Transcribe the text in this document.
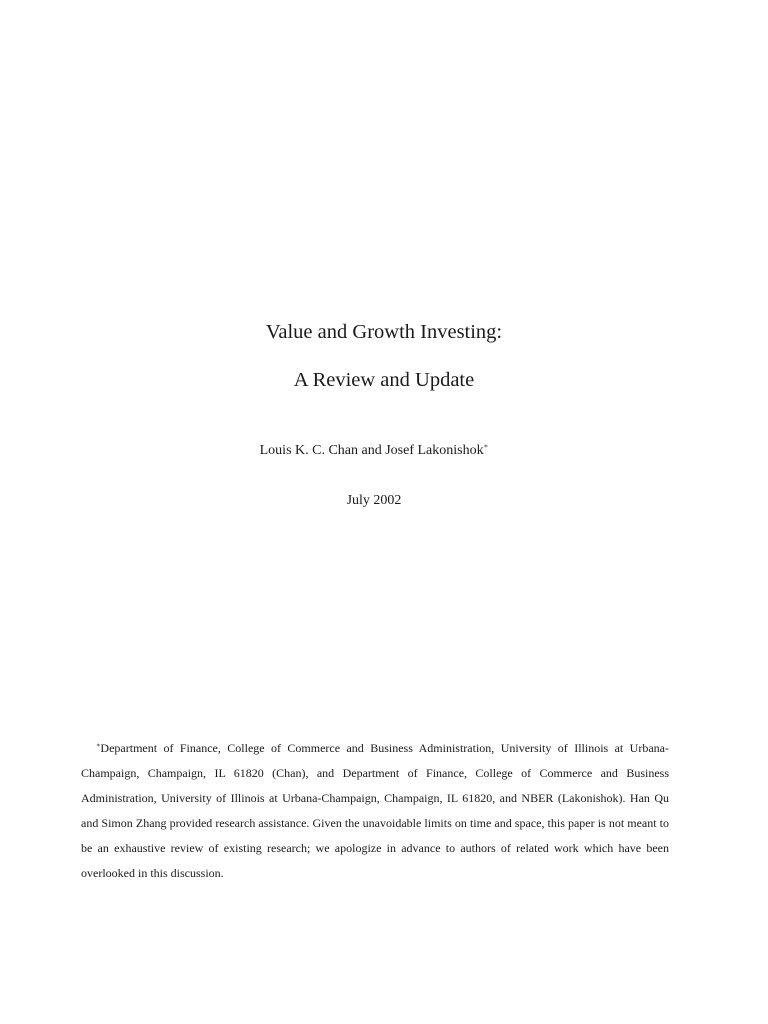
Value and Growth Investing:
A Review and Update
Louis K. C. Chan and Josef Lakonishok∗
July 2002
∗Department of Finance, College of Commerce and Business Administration, University of Illinois at Urbana-Champaign, Champaign, IL 61820 (Chan), and Department of Finance, College of Commerce and Business Administration, University of Illinois at Urbana-Champaign, Champaign, IL 61820, and NBER (Lakonishok). Han Qu and Simon Zhang provided research assistance. Given the unavoidable limits on time and space, this paper is not meant to be an exhaustive review of existing research; we apologize in advance to authors of related work which have been overlooked in this discussion.
